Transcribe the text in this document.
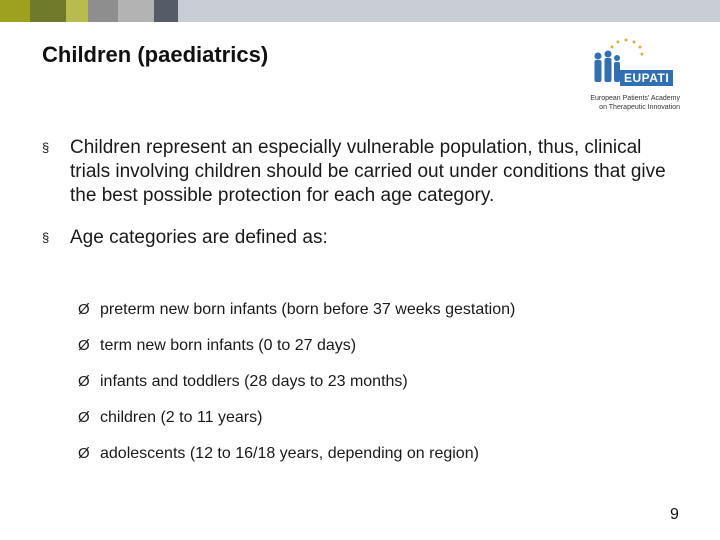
Children (paediatrics)
EUPATI
European Patients' Academy
on Therapeutic Innovation
§ Children represent an especially vulnerable population, thus, clinical trials involving children should be carried out under conditions that give the best possible protection for each age category.
§ Age categories are defined as:
Ø preterm new born infants (born before 37 weeks gestation)
Ø term new born infants (0 to 27 days)
Ø infants and toddlers (28 days to 23 months)
Ø children (2 to 11 years)
Ø adolescents (12 to 16/18 years, depending on region)
9
